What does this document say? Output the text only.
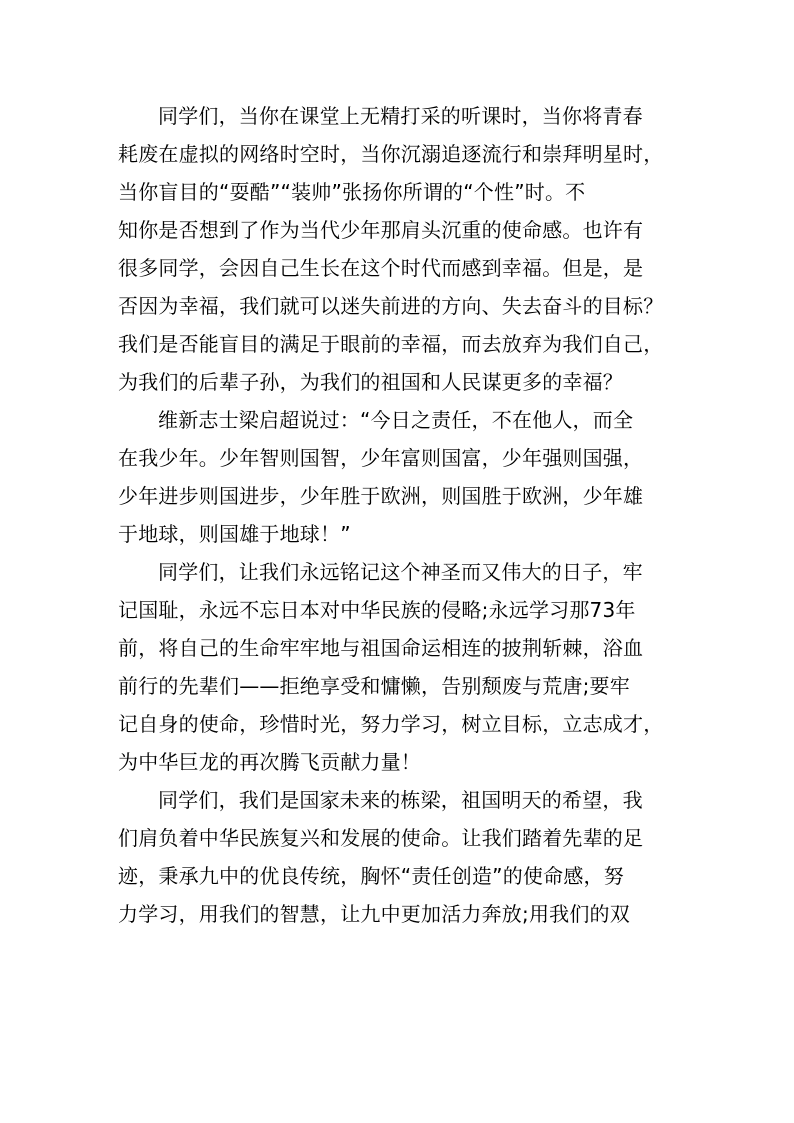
同学们，当你在课堂上无精打采的听课时，当你将青春
耗废在虚拟的网络时空时，当你沉溺追逐流行和崇拜明星时，
当你盲目的“耍酷”“装帅”张扬你所谓的“个性”时。不
知你是否想到了作为当代少年那肩头沉重的使命感。也许有
很多同学，会因自己生长在这个时代而感到幸福。但是，是
否因为幸福，我们就可以迷失前进的方向、失去奋斗的目标？
我们是否能盲目的满足于眼前的幸福，而去放弃为我们自己，
为我们的后辈子孙，为我们的祖国和人民谋更多的幸福？
维新志士梁启超说过：“今日之责任，不在他人，而全
在我少年。少年智则国智，少年富则国富，少年强则国强，
少年进步则国进步，少年胜于欧洲，则国胜于欧洲，少年雄
于地球，则国雄于地球！”
同学们，让我们永远铭记这个神圣而又伟大的日子，牢
记国耻，永远不忘日本对中华民族的侵略;永远学习那73年
前，将自己的生命牢牢地与祖国命运相连的披荆斩棘，浴血
前行的先辈们——拒绝享受和慵懒，告别颓废与荒唐;要牢
记自身的使命，珍惜时光，努力学习，树立目标，立志成才，
为中华巨龙的再次腾飞贡献力量！
同学们，我们是国家未来的栋梁，祖国明天的希望，我
们肩负着中华民族复兴和发展的使命。让我们踏着先辈的足
迹，秉承九中的优良传统，胸怀“责任创造”的使命感，努
力学习，用我们的智慧，让九中更加活力奔放;用我们的双
